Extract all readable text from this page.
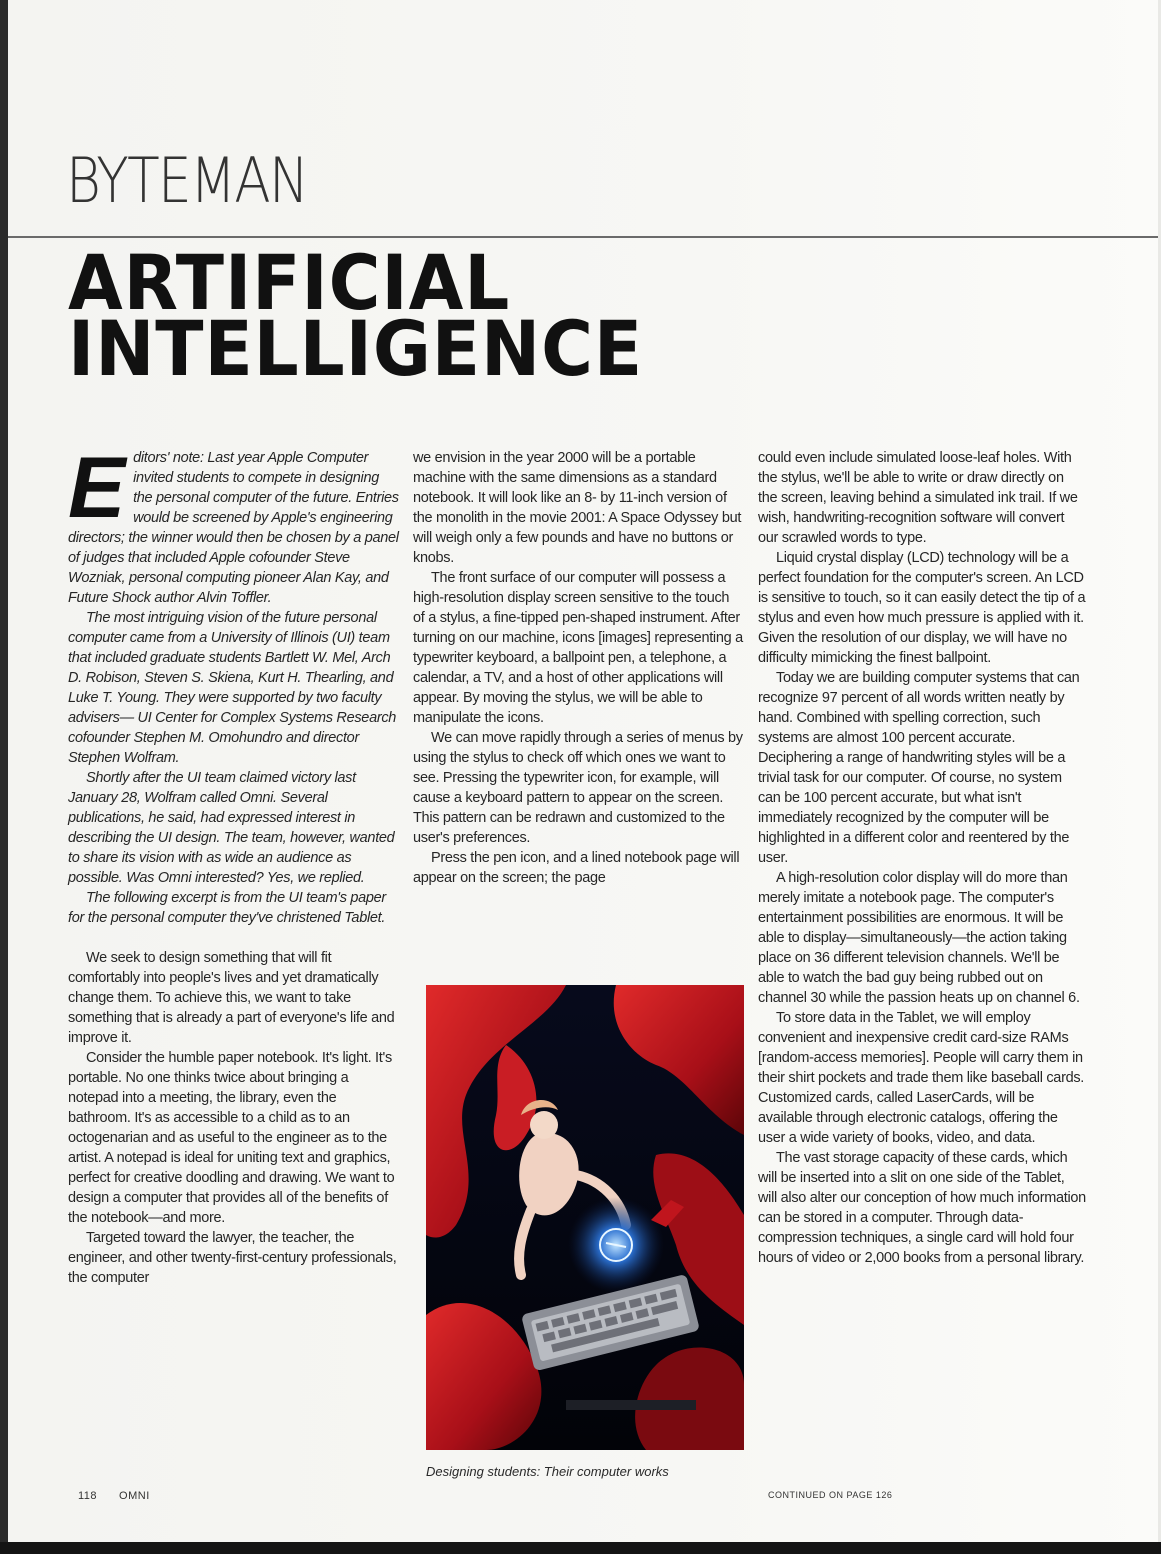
BYTEMAN
ARTIFICIAL
INTELLIGENCE

Editors' note: Last year Apple Computer invited students to compete in designing the personal computer of the future. Entries would be screened by Apple's engineering directors; the winner would then be chosen by a panel of judges that included Apple cofounder Steve Wozniak, personal computing pioneer Alan Kay, and Future Shock author Alvin Toffler.

The most intriguing vision of the future personal computer came from a University of Illinois (UI) team that included graduate students Bartlett W. Mel, Arch D. Robison, Steven S. Skiena, Kurt H. Thearling, and Luke T. Young. They were supported by two faculty advisers— UI Center for Complex Systems Research cofounder Stephen M. Omohundro and director Stephen Wolfram.

Shortly after the UI team claimed victory last January 28, Wolfram called Omni. Several publications, he said, had expressed interest in describing the UI design. The team, however, wanted to share its vision with as wide an audience as possible. Was Omni interested? Yes, we replied.

The following excerpt is from the UI team's paper for the personal computer they've christened Tablet.

We seek to design something that will fit comfortably into people's lives and yet dramatically change them. To achieve this, we want to take something that is already a part of everyone's life and improve it.

Consider the humble paper notebook. It's light. It's portable. No one thinks twice about bringing a notepad into a meeting, the library, even the bathroom. It's as accessible to a child as to an octogenarian and as useful to the engineer as to the artist. A notepad is ideal for uniting text and graphics, perfect for creative doodling and drawing. We want to design a computer that provides all of the benefits of the notebook—and more.

Targeted toward the lawyer, the teacher, the engineer, and other twenty-first-century professionals, the computer

we envision in the year 2000 will be a portable machine with the same dimensions as a standard notebook. It will look like an 8- by 11-inch version of the monolith in the movie 2001: A Space Odyssey but will weigh only a few pounds and have no buttons or knobs.

The front surface of our computer will possess a high-resolution display screen sensitive to the touch of a stylus, a fine-tipped pen-shaped instrument. After turning on our machine, icons [images] representing a typewriter keyboard, a ballpoint pen, a telephone, a calendar, a TV, and a host of other applications will appear. By moving the stylus, we will be able to manipulate the icons.

We can move rapidly through a series of menus by using the stylus to check off which ones we want to see. Pressing the typewriter icon, for example, will cause a keyboard pattern to appear on the screen. This pattern can be redrawn and customized to the user's preferences.

Press the pen icon, and a lined notebook page will appear on the screen; the page

Designing students: Their computer works

could even include simulated loose-leaf holes. With the stylus, we'll be able to write or draw directly on the screen, leaving behind a simulated ink trail. If we wish, handwriting-recognition software will convert our scrawled words to type.

Liquid crystal display (LCD) technology will be a perfect foundation for the computer's screen. An LCD is sensitive to touch, so it can easily detect the tip of a stylus and even how much pressure is applied with it. Given the resolution of our display, we will have no difficulty mimicking the finest ballpoint.

Today we are building computer systems that can recognize 97 percent of all words written neatly by hand. Combined with spelling correction, such systems are almost 100 percent accurate. Deciphering a range of handwriting styles will be a trivial task for our computer. Of course, no system can be 100 percent accurate, but what isn't immediately recognized by the computer will be highlighted in a different color and reentered by the user.

A high-resolution color display will do more than merely imitate a notebook page. The computer's entertainment possibilities are enormous. It will be able to display—simultaneously—the action taking place on 36 different television channels. We'll be able to watch the bad guy being rubbed out on channel 30 while the passion heats up on channel 6.

To store data in the Tablet, we will employ convenient and inexpensive credit card-size RAMs [random-access memories]. People will carry them in their shirt pockets and trade them like baseball cards. Customized cards, called LaserCards, will be available through electronic catalogs, offering the user a wide variety of books, video, and data.

The vast storage capacity of these cards, which will be inserted into a slit on one side of the Tablet, will also alter our conception of how much information can be stored in a computer. Through data-compression techniques, a single card will hold four hours of video or 2,000 books from a personal library.

118 OMNI	CONTINUED ON PAGE 126
